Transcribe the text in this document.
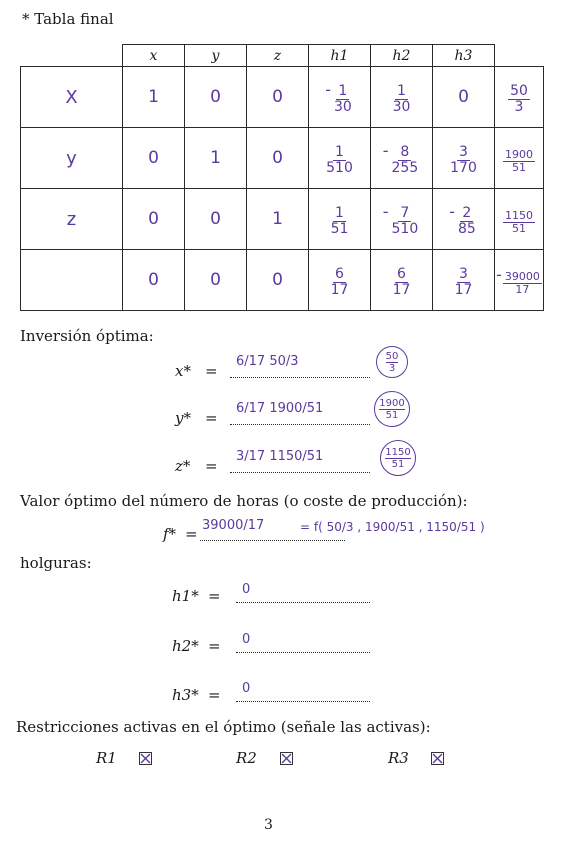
* Tabla final
	x	y	z	h1	h2	h3	
X	1	0	0	- $\frac{1}{30}$	$\frac{1}{30}$	0	$\frac{50}{3}$

y	0	1	0	$\frac{1}{510}$	- $\frac{8}{255}$	$\frac{3}{170}$	$\frac{1900}{51}$

z	0	0	1	$\frac{1}{51}$	- $\frac{7}{510}$	- $\frac{2}{85}$	$\frac{1150}{51}$

	0	0	0	$\frac{6}{17}$	$\frac{6}{17}$	$\frac{3}{17}$	- $\frac{39000}{17}$
Inversión óptima:
x* =
6/17 50/3	50
3
y* =
6/17 1900/51	1900
51
z* =
3/17 1150/51	1150
51
Valor óptimo del número de horas (o coste de producción):
f* = 39000/17	= f( 50/3 , 1900/51 , 1150/51 )
holguras:
h1* = 0
h2* = 0
h3* = 0
Restricciones activas en el óptimo (señale las activas):
R1	R2	R3
3
